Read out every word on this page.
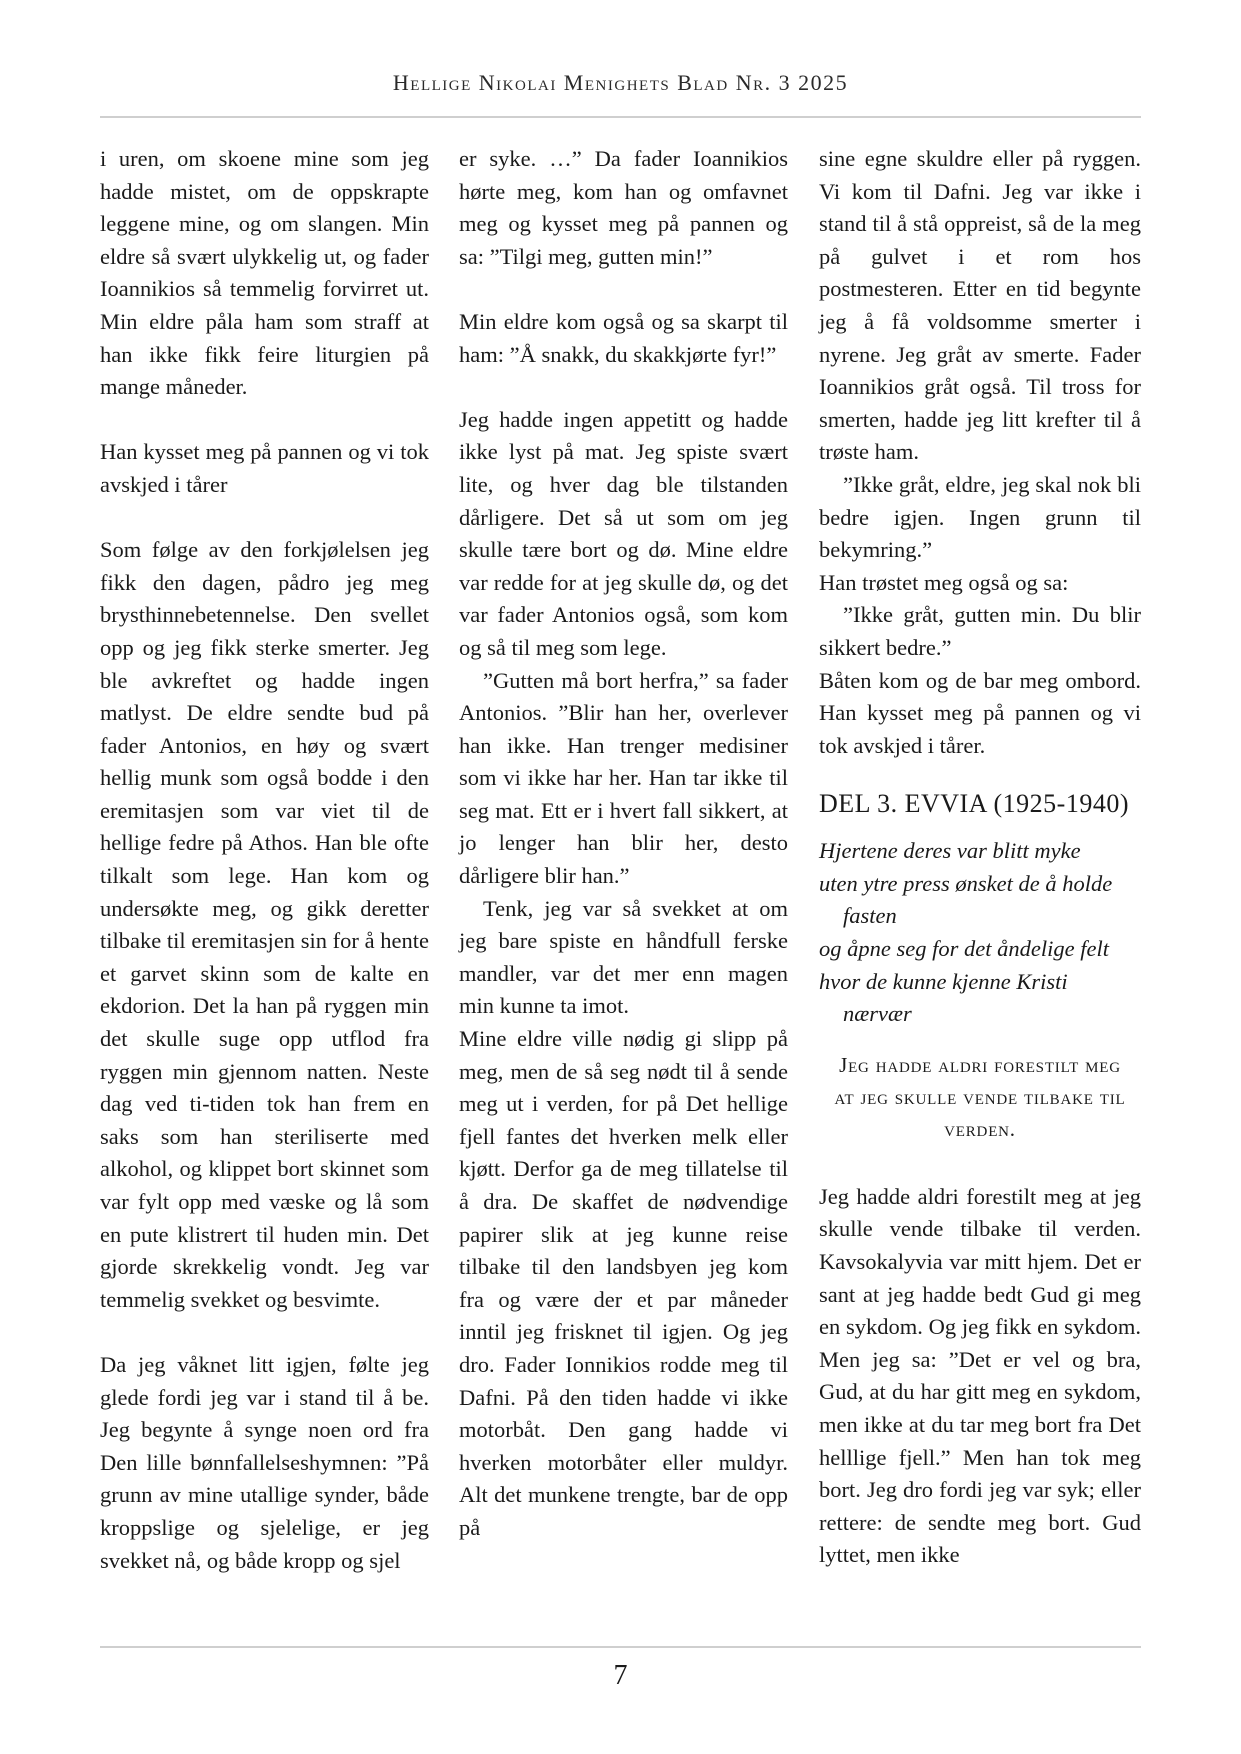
Hellige Nikolai Menighets Blad Nr. 3 2025

i uren, om skoene mine som jeg hadde mistet, om de oppskrapte leggene mine, og om slangen. Min eldre så svært ulykkelig ut, og fader Ioannikios så temmelig forvirret ut. Min eldre påla ham som straff at han ikke fikk feire liturgien på mange måneder.

Han kysset meg på pannen og vi tok avskjed i tårer

Som følge av den forkjølelsen jeg fikk den dagen, pådro jeg meg brysthinnebetennelse. Den svellet opp og jeg fikk sterke smerter. Jeg ble avkreftet og hadde ingen matlyst. De eldre sendte bud på fader Antonios, en høy og svært hellig munk som også bodde i den eremitasjen som var viet til de hellige fedre på Athos. Han ble ofte tilkalt som lege. Han kom og undersøkte meg, og gikk deretter tilbake til eremitasjen sin for å hente et garvet skinn som de kalte en ekdorion. Det la han på ryggen min det skulle suge opp utflod fra ryggen min gjennom natten. Neste dag ved ti-tiden tok han frem en saks som han steriliserte med alkohol, og klippet bort skinnet som var fylt opp med væske og lå som en pute klistrert til huden min. Det gjorde skrekkelig vondt. Jeg var temmelig svekket og besvimte.

Da jeg våknet litt igjen, følte jeg glede fordi jeg var i stand til å be. Jeg begynte å synge noen ord fra Den lille bønnfallelseshymnen: ”På grunn av mine utallige synder, både kroppslige og sjelelige, er jeg svekket nå, og både kropp og sjel

er syke. …” Da fader Ioannikios hørte meg, kom han og omfavnet meg og kysset meg på pannen og sa: ”Tilgi meg, gutten min!”

Min eldre kom også og sa skarpt til ham: ”Å snakk, du skakkjørte fyr!”

Jeg hadde ingen appetitt og hadde ikke lyst på mat. Jeg spiste svært lite, og hver dag ble tilstanden dårligere. Det så ut som om jeg skulle tære bort og dø. Mine eldre var redde for at jeg skulle dø, og det var fader Antonios også, som kom og så til meg som lege.

”Gutten må bort herfra,” sa fader Antonios. ”Blir han her, overlever han ikke. Han trenger medisiner som vi ikke har her. Han tar ikke til seg mat. Ett er i hvert fall sikkert, at jo lenger han blir her, desto dårligere blir han.”

Tenk, jeg var så svekket at om jeg bare spiste en håndfull ferske mandler, var det mer enn magen min kunne ta imot.

Mine eldre ville nødig gi slipp på meg, men de så seg nødt til å sende meg ut i verden, for på Det hellige fjell fantes det hverken melk eller kjøtt. Derfor ga de meg tillatelse til å dra. De skaffet de nødvendige papirer slik at jeg kunne reise tilbake til den landsbyen jeg kom fra og være der et par måneder inntil jeg frisknet til igjen. Og jeg dro. Fader Ionnikios rodde meg til Dafni. På den tiden hadde vi ikke motorbåt. Den gang hadde vi hverken motorbåter eller muldyr. Alt det munkene trengte, bar de opp på

sine egne skuldre eller på ryggen. Vi kom til Dafni. Jeg var ikke i stand til å stå oppreist, så de la meg på gulvet i et rom hos postmesteren. Etter en tid begynte jeg å få voldsomme smerter i nyrene. Jeg gråt av smerte. Fader Ioannikios gråt også. Til tross for smerten, hadde jeg litt krefter til å trøste ham.

”Ikke gråt, eldre, jeg skal nok bli bedre igjen. Ingen grunn til bekymring.”

Han trøstet meg også og sa:

”Ikke gråt, gutten min. Du blir sikkert bedre.”

Båten kom og de bar meg ombord. Han kysset meg på pannen og vi tok avskjed i tårer.

DEL 3. EVVIA (1925-1940)

Hjertene deres var blitt myke
uten ytre press ønsket de å holde fasten
og åpne seg for det åndelige felt
hvor de kunne kjenne Kristi nærvær

Jeg hadde aldri forestilt meg at jeg skulle vende tilbake til verden.

Jeg hadde aldri forestilt meg at jeg skulle vende tilbake til verden. Kavsokalyvia var mitt hjem. Det er sant at jeg hadde bedt Gud gi meg en sykdom. Og jeg fikk en sykdom. Men jeg sa: ”Det er vel og bra, Gud, at du har gitt meg en sykdom, men ikke at du tar meg bort fra Det helllige fjell.” Men han tok meg bort. Jeg dro fordi jeg var syk; eller rettere: de sendte meg bort. Gud lyttet, men ikke

7
